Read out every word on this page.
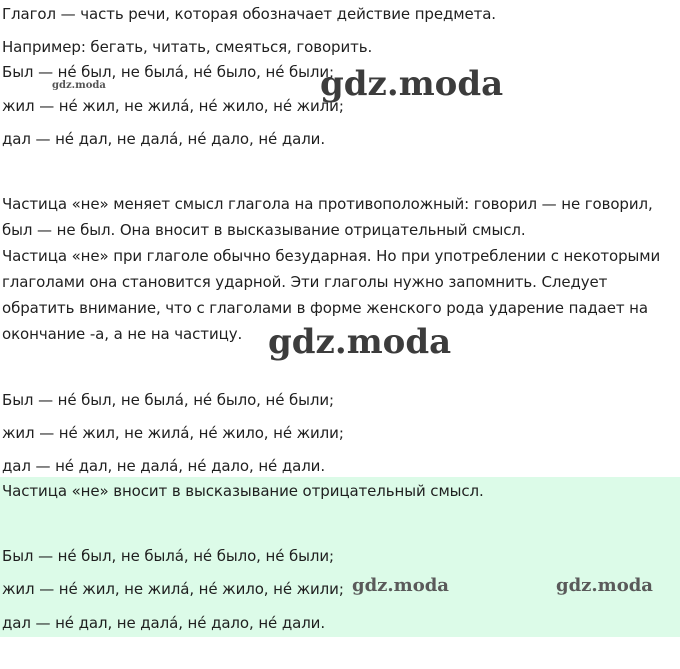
Глагол — часть речи, которая обозначает действие предмета.
Например: бегать, читать, смеяться, говорить.
Был — не́ был, не была́, не́ было, не́ были;
жил — не́ жил, не жила́, не́ жило, не́ жили;
дал — не́ дал, не дала́, не́ дало, не́ дали.
Частица «не» меняет смысл глагола на противоположный: говорил — не говорил, был — не был. Она вносит в высказывание отрицательный смысл.
Частица «не» при глаголе обычно безударная. Но при употреблении с некоторыми глаголами она становится ударной. Эти глаголы нужно запомнить. Следует обратить внимание, что с глаголами в форме женского рода ударение падает на окончание -а, а не на частицу.
Был — не́ был, не была́, не́ было, не́ были;
жил — не́ жил, не жила́, не́ жило, не́ жили;
дал — не́ дал, не дала́, не́ дало, не́ дали.
Частица «не» вносит в высказывание отрицательный смысл.
Был — не́ был, не была́, не́ было, не́ были;
жил — не́ жил, не жила́, не́ жило, не́ жили;
дал — не́ дал, не дала́, не́ дало, не́ дали.
gdz.moda	gdz.moda
gdz.moda
gdz.moda	gdz.moda
